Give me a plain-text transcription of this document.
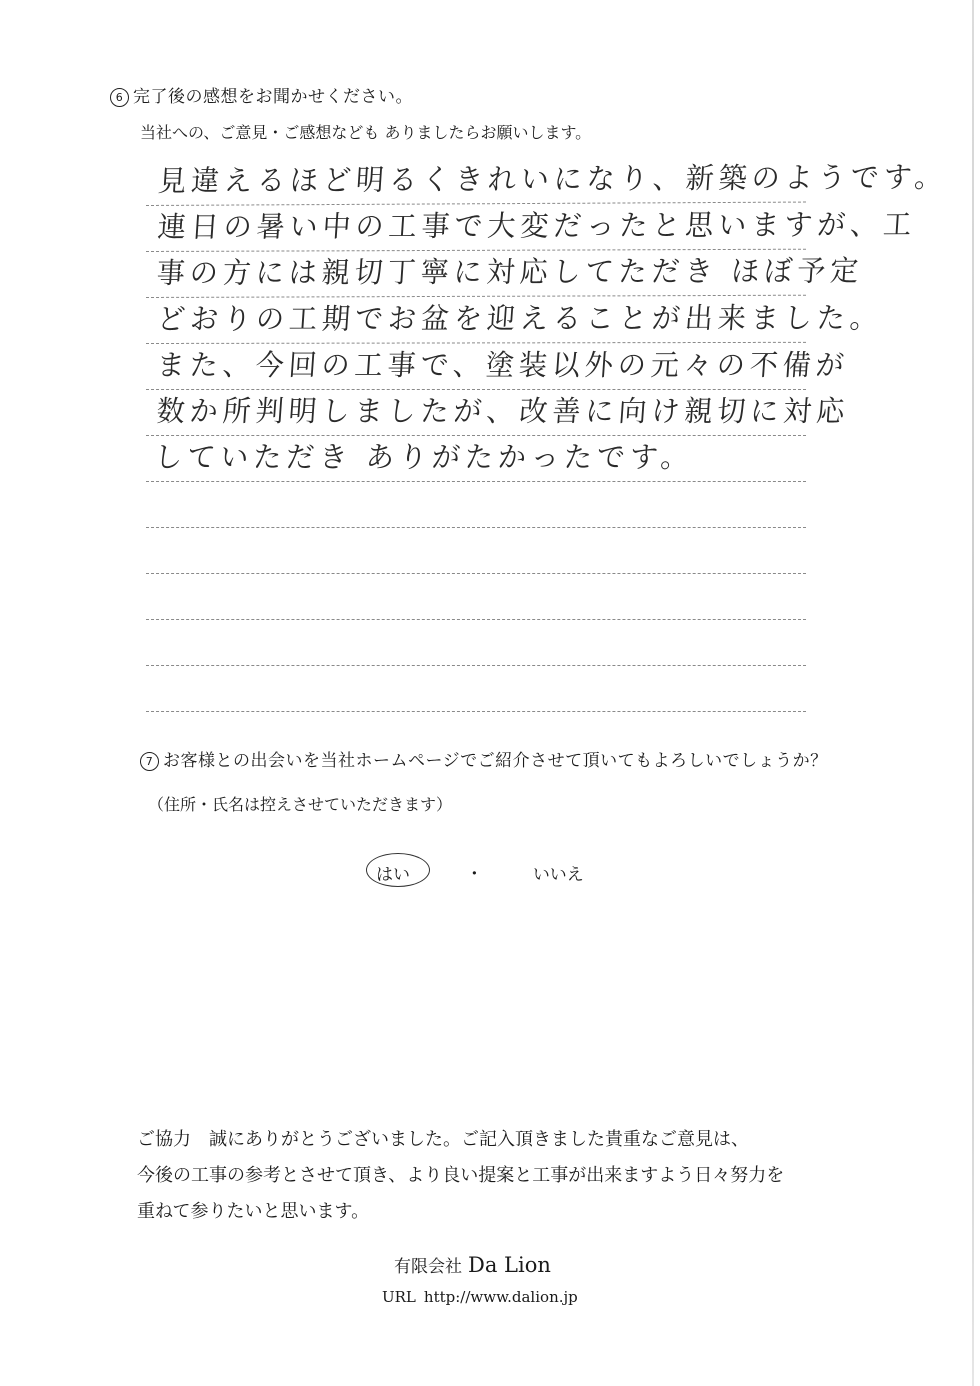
6 完了後の感想をお聞かせください。
当社への、ご意見・ご感想なども ありましたらお願いします。
見違えるほど明るくきれいになり、新築のようです。
連日の暑い中の工事で大変だったと思いますが、工
事の方には親切丁寧に対応してただき ほぼ予定
どおりの工期でお盆を迎えることが出来ました。
また、今回の工事で、塗装以外の元々の不備が
数か所判明しましたが、改善に向け親切に対応
していただき ありがたかったです。
7 お客様との出会いを当社ホームページでご紹介させて頂いてもよろしいでしょうか？
（住所・氏名は控えさせていただきます）
はい	・	いいえ
ご協力　誠にありがとうございました。ご記入頂きました貴重なご意見は、
今後の工事の参考とさせて頂き、より良い提案と工事が出来ますよう日々努力を
重ねて参りたいと思います。
有限会社 Da Lion
URL http://www.dalion.jp
